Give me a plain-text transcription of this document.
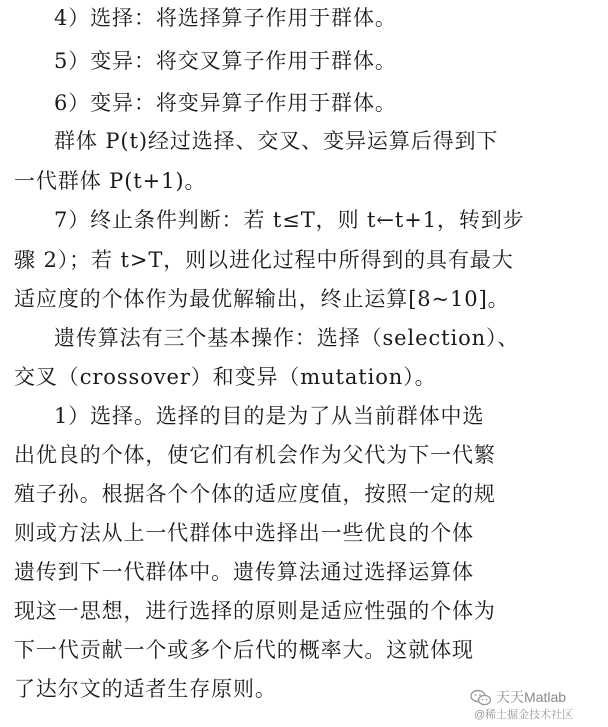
4）选择：将选择算子作用于群体。
5）变异：将交叉算子作用于群体。
6）变异：将变异算子作用于群体。
群体 P(t)经过选择、交叉、变异运算后得到下
一代群体 P(t+1)。
7）终止条件判断：若 t≤T，则 t←t+1，转到步
骤 2）；若 t>T，则以进化过程中所得到的具有最大
适应度的个体作为最优解输出，终止运算[8~10]。
遗传算法有三个基本操作：选择（selection）、
交叉（crossover）和变异（mutation）。
1）选择。选择的目的是为了从当前群体中选
出优良的个体，使它们有机会作为父代为下一代繁
殖子孙。根据各个个体的适应度值，按照一定的规
则或方法从上一代群体中选择出一些优良的个体
遗传到下一代群体中。遗传算法通过选择运算体
现这一思想，进行选择的原则是适应性强的个体为
下一代贡献一个或多个后代的概率大。这就体现
了达尔文的适者生存原则。	天天Matlab
@稀土掘金技术社区
